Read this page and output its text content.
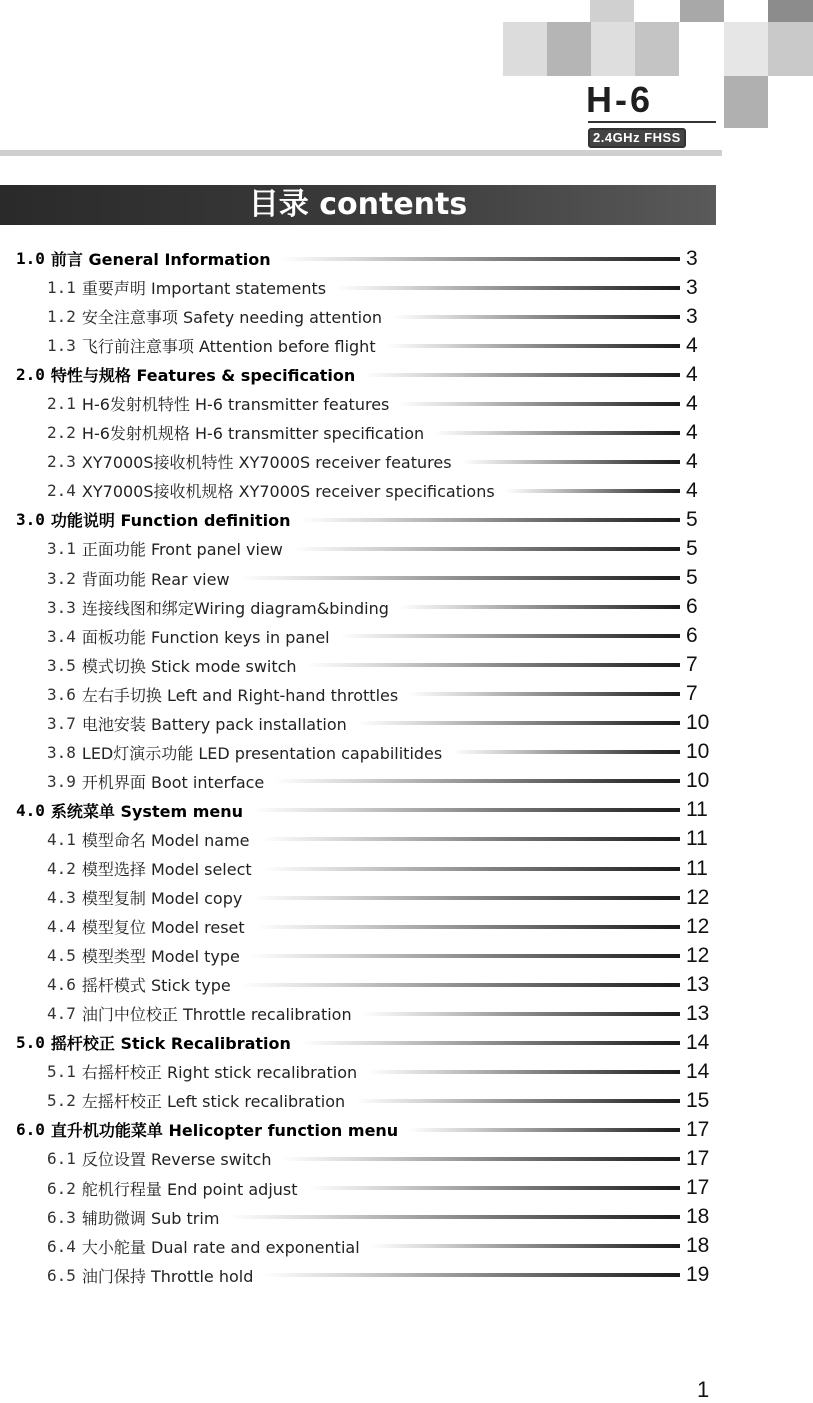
H-6
2.4GHz FHSS
目录 contents
1.0 前言 General Information	3
1.1 重要声明 Important statements	3
1.2 安全注意事项 Safety needing attention	3
1.3 飞行前注意事项 Attention before flight	4
2.0 特性与规格 Features & specification	4
2.1 H-6发射机特性 H-6 transmitter features	4
2.2 H-6发射机规格 H-6 transmitter specification	4
2.3 XY7000S接收机特性 XY7000S receiver features	4
2.4 XY7000S接收机规格 XY7000S receiver specifications	4
3.0 功能说明 Function definition	5
3.1 正面功能 Front panel view	5
3.2 背面功能 Rear view	5
3.3 连接线图和绑定Wiring diagram&binding	6
3.4 面板功能 Function keys in panel	6
3.5 模式切换 Stick mode switch	7
3.6 左右手切换 Left and Right-hand throttles	7
3.7 电池安装 Battery pack installation	10
3.8 LED灯演示功能 LED presentation capabilitides	10
3.9 开机界面 Boot interface	10
4.0 系统菜单 System menu	11
4.1 模型命名 Model name	11
4.2 模型选择 Model select	11
4.3 模型复制 Model copy	12
4.4 模型复位 Model reset	12
4.5 模型类型 Model type	12
4.6 摇杆模式 Stick type	13
4.7 油门中位校正 Throttle recalibration	13
5.0 摇杆校正 Stick Recalibration	14
5.1 右摇杆校正 Right stick recalibration	14
5.2 左摇杆校正 Left stick recalibration	15
6.0 直升机功能菜单 Helicopter function menu	17
6.1 反位设置 Reverse switch	17
6.2 舵机行程量 End point adjust	17
6.3 辅助微调 Sub trim	18
6.4 大小舵量 Dual rate and exponential	18
6.5 油门保持 Throttle hold	19
1
